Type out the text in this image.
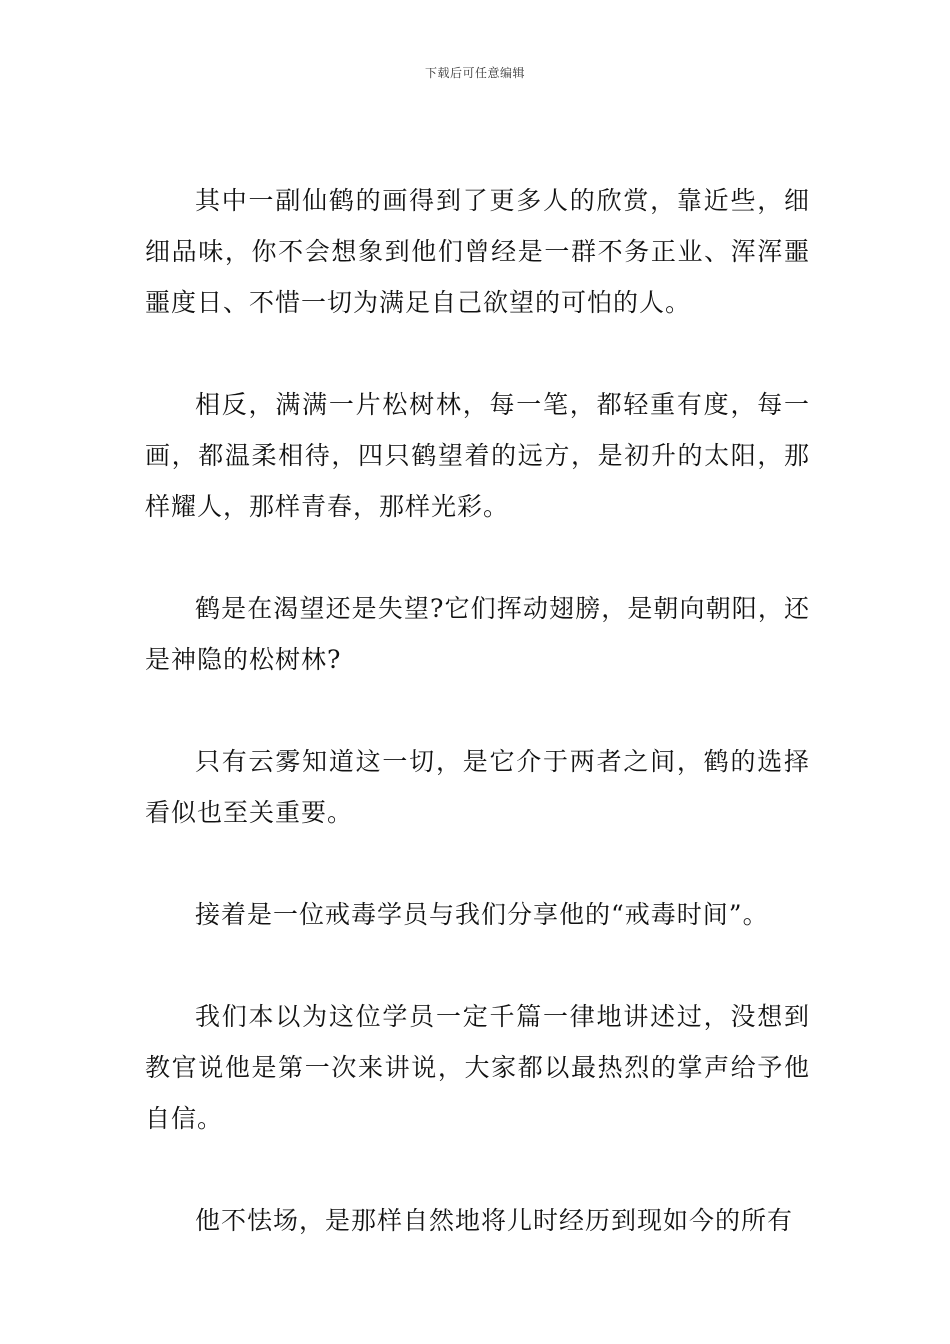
下载后可任意编辑

其中一副仙鹤的画得到了更多人的欣赏，靠近些，细细品味，你不会想象到他们曾经是一群不务正业、浑浑噩噩度日、不惜一切为满足自己欲望的可怕的人。

相反，满满一片松树林，每一笔，都轻重有度，每一画，都温柔相待，四只鹤望着的远方，是初升的太阳，那样耀人，那样青春，那样光彩。

鹤是在渴望还是失望?它们挥动翅膀，是朝向朝阳，还是神隐的松树林?

只有云雾知道这一切，是它介于两者之间，鹤的选择看似也至关重要。

接着是一位戒毒学员与我们分享他的“戒毒时间”。

我们本以为这位学员一定千篇一律地讲述过，没想到教官说他是第一次来讲说，大家都以最热烈的掌声给予他自信。

他不怯场，是那样自然地将儿时经历到现如今的所有
